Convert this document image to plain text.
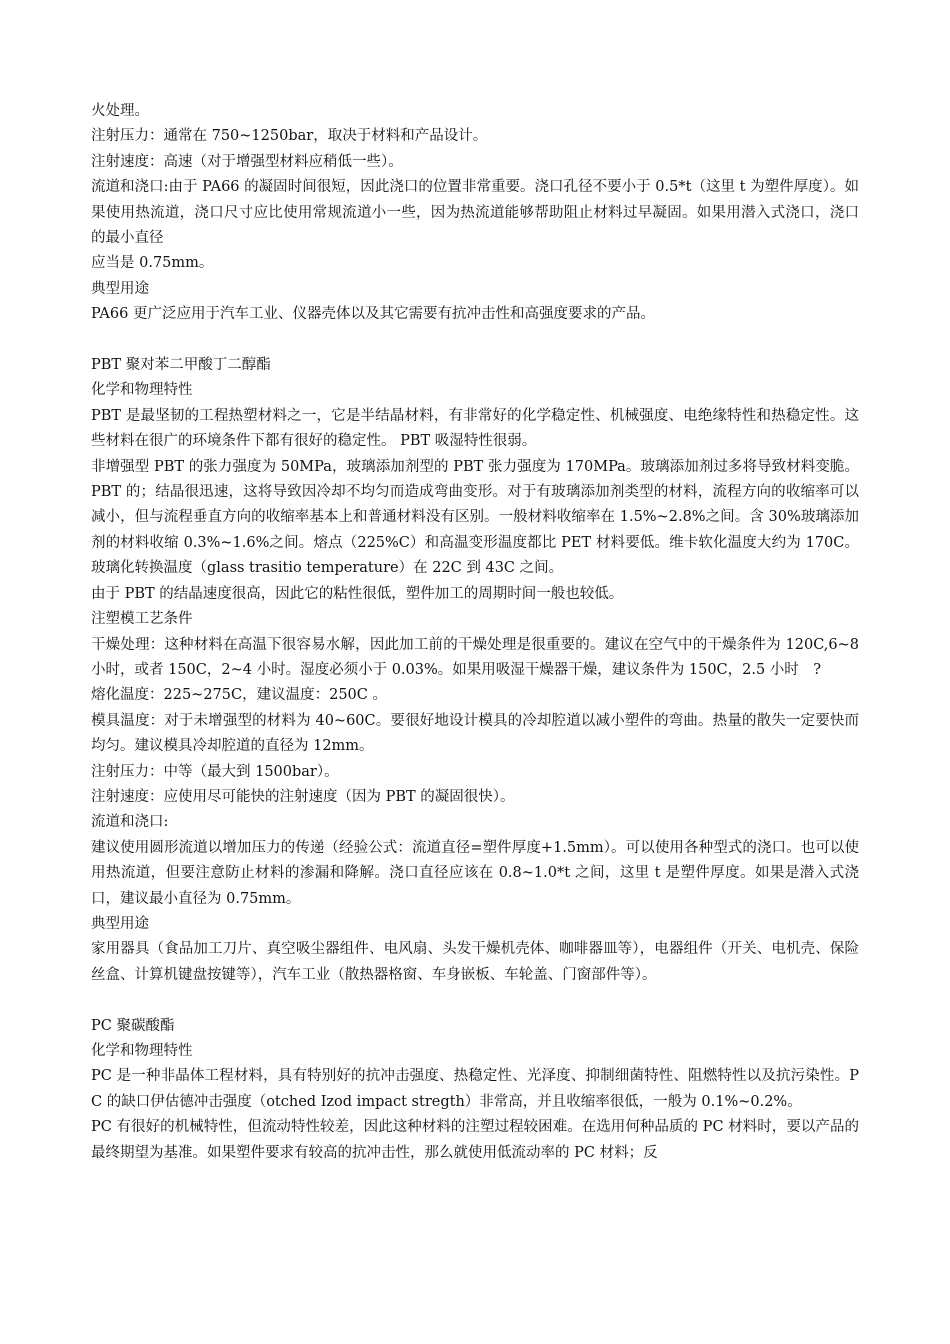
火处理。

注射压力：通常在 750~1250bar，取决于材料和产品设计。

注射速度：高速（对于增强型材料应稍低一些）。

流道和浇口:由于 PA66 的凝固时间很短，因此浇口的位置非常重要。浇口孔径不要小于 0.5*t（这里 t 为塑件厚度）。如果使用热流道，浇口尺寸应比使用常规流道小一些，因为热流道能够帮助阻止材料过早凝固。如果用潜入式浇口，浇口的最小直径

应当是 0.75mm。

典型用途

PA66 更广泛应用于汽车工业、仪器壳体以及其它需要有抗冲击性和高强度要求的产品。

PBT 聚对苯二甲酸丁二醇酯

化学和物理特性

PBT 是最坚韧的工程热塑材料之一，它是半结晶材料，有非常好的化学稳定性、机械强度、电绝缘特性和热稳定性。这些材料在很广的环境条件下都有很好的稳定性。 PBT 吸湿特性很弱。

非增强型 PBT 的张力强度为 50MPa，玻璃添加剂型的 PBT 张力强度为 170MPa。玻璃添加剂过多将导致材料变脆。PBT 的；结晶很迅速，这将导致因冷却不均匀而造成弯曲变形。对于有玻璃添加剂类型的材料，流程方向的收缩率可以减小，但与流程垂直方向的收缩率基本上和普通材料没有区别。一般材料收缩率在 1.5%~2.8%之间。含 30%玻璃添加剂的材料收缩 0.3%~1.6%之间。熔点（225%C）和高温变形温度都比 PET 材料要低。维卡软化温度大约为 170C。玻璃化转换温度（glass trasitio temperature）在 22C 到 43C 之间。

由于 PBT 的结晶速度很高，因此它的粘性很低，塑件加工的周期时间一般也较低。

注塑模工艺条件

干燥处理：这种材料在高温下很容易水解，因此加工前的干燥处理是很重要的。建议在空气中的干燥条件为 120C,6~8 小时，或者 150C，2~4 小时。湿度必须小于 0.03%。如果用吸湿干燥器干燥，建议条件为 150C，2.5 小时　?

熔化温度：225~275C，建议温度：250C 。

模具温度：对于未增强型的材料为 40~60C。要很好地设计模具的冷却腔道以减小塑件的弯曲。热量的散失一定要快而均匀。建议模具冷却腔道的直径为 12mm。

注射压力：中等（最大到 1500bar）。

注射速度：应使用尽可能快的注射速度（因为 PBT 的凝固很快）。

流道和浇口:

建议使用圆形流道以增加压力的传递（经验公式：流道直径=塑件厚度+1.5mm）。可以使用各种型式的浇口。也可以使用热流道，但要注意防止材料的渗漏和降解。浇口直径应该在 0.8~1.0*t 之间，这里 t 是塑件厚度。如果是潜入式浇口，建议最小直径为 0.75mm。

典型用途

家用器具（食品加工刀片、真空吸尘器组件、电风扇、头发干燥机壳体、咖啡器皿等），电器组件（开关、电机壳、保险丝盒、计算机键盘按键等），汽车工业（散热器格窗、车身嵌板、车轮盖、门窗部件等）。

PC 聚碳酸酯

化学和物理特性

PC 是一种非晶体工程材料，具有特别好的抗冲击强度、热稳定性、光泽度、抑制细菌特性、阻燃特性以及抗污染性。PC 的缺口伊估德冲击强度（otched Izod impact stregth）非常高，并且收缩率很低，一般为 0.1%~0.2%。

PC 有很好的机械特性，但流动特性较差，因此这种材料的注塑过程较困难。在选用何种品质的 PC 材料时，要以产品的最终期望为基准。如果塑件要求有较高的抗冲击性，那么就使用低流动率的 PC 材料；反
